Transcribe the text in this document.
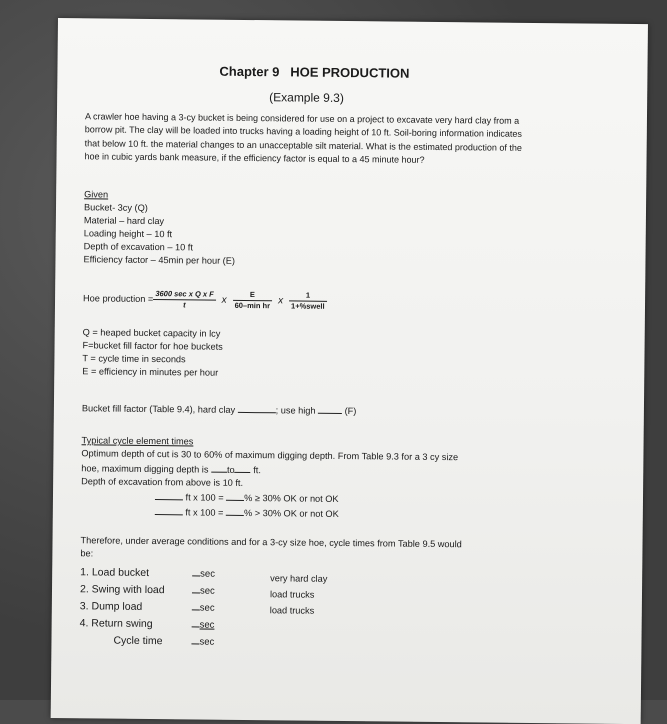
Chapter 9 HOE PRODUCTION
(Example 9.3)
A crawler hoe having a 3-cy bucket is being considered for use on a project to excavate very hard clay from a borrow pit. The clay will be loaded into trucks having a loading height of 10 ft. Soil-boring information indicates that below 10 ft. the material changes to an unacceptable silt material. What is the estimated production of the hoe in cubic yards bank measure, if the efficiency factor is equal to a 45 minute hour?
Given
Bucket- 3cy (Q)
Material – hard clay
Loading height – 10 ft
Depth of excavation – 10 ft
Efficiency factor – 45min per hour (E)
Hoe production = $\frac{\text{3600 sec x Q x F}}{t}$ x $\frac{E}{\text{60–min hr}}$ x $\frac{1}{\text{1+\%swell}}$
Q = heaped bucket capacity in lcy
F=bucket fill factor for hoe buckets
T = cycle time in seconds
E = efficiency in minutes per hour
Bucket fill factor (Table 9.4), hard clay	; use high	(F)
Typical cycle element times
Optimum depth of cut is 30 to 60% of maximum digging depth. From Table 9.3 for a 3 cy size
hoe, maximum digging depth is to ft.
Depth of excavation from above is 10 ft.
ft x 100 = % ≥ 30% OK or not OK
ft x 100 = % > 30% OK or not OK
Therefore, under average conditions and for a 3-cy size hoe, cycle times from Table 9.5 would
be:
1. Load bucket
2. Swing with load
3. Dump load
4. Return swing
Cycle time
sec
sec
sec
sec
sec
very hard clay
load trucks
load trucks
